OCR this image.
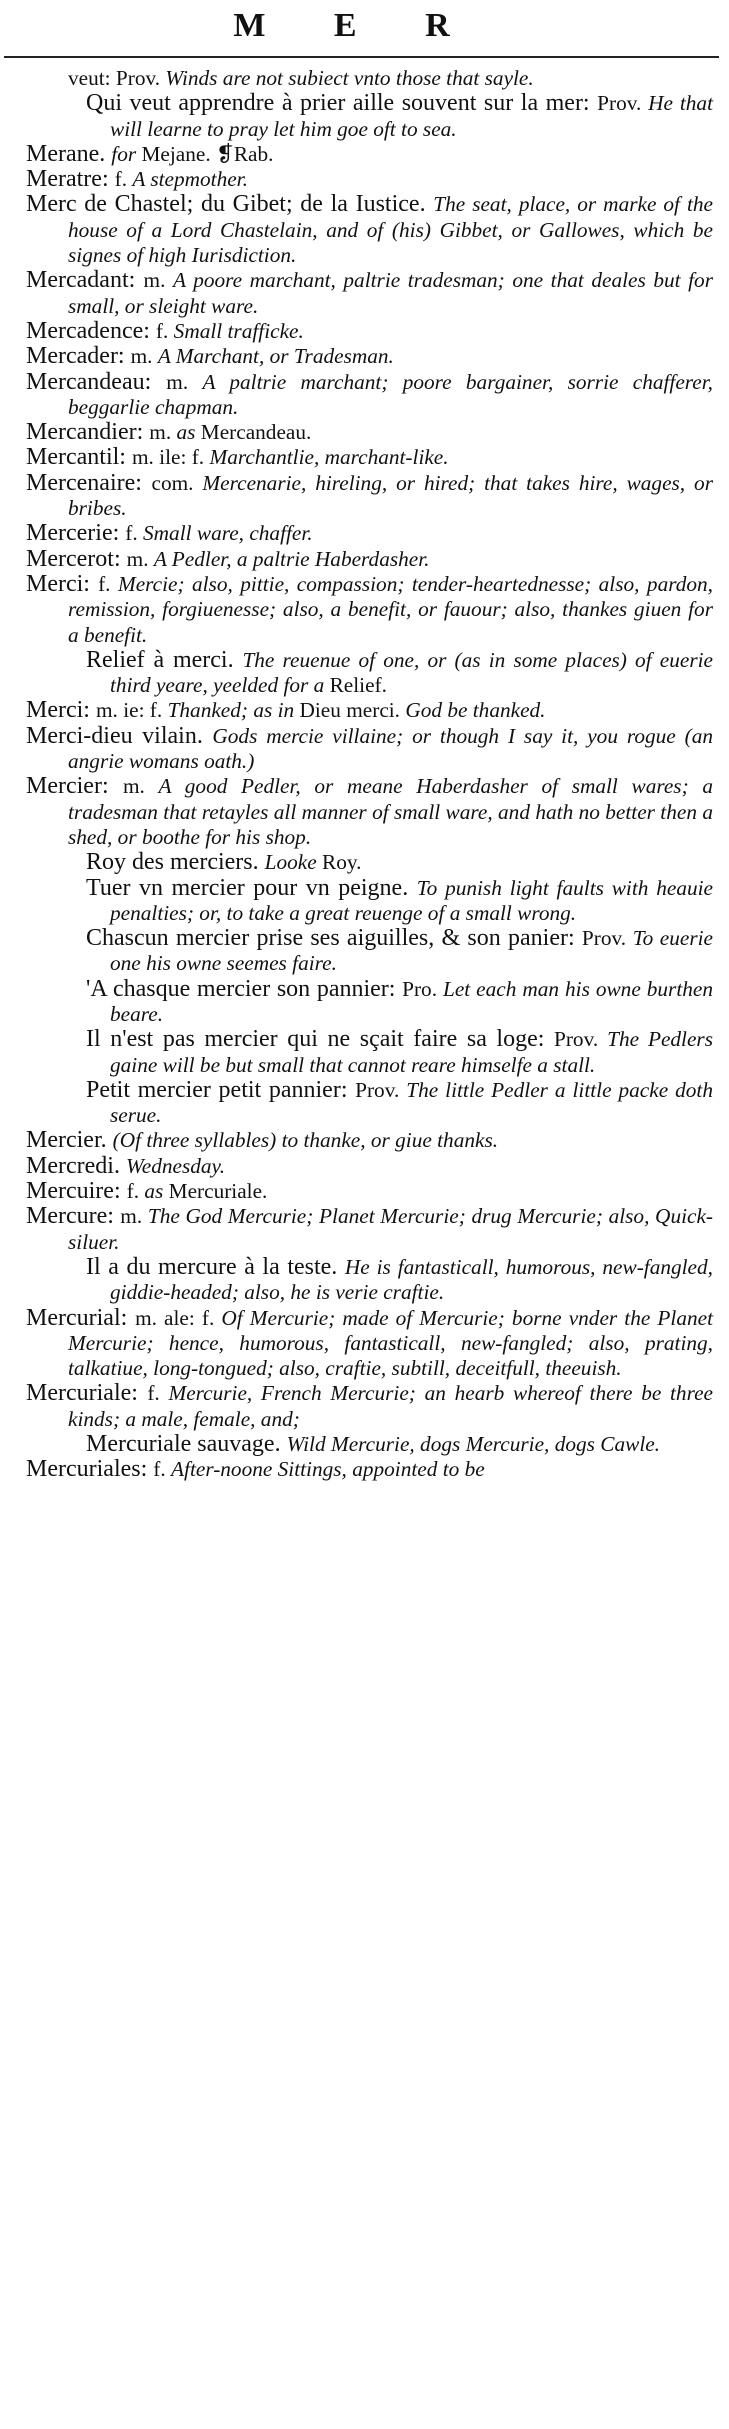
M E R
veut: Prov. Winds are not subiect vnto those that sayle.
Qui veut apprendre à prier aille souvent sur la mer: Prov. He that will learne to pray let him goe oft to sea.
Merane. for Mejane. ❡Rab.
Meratre: f. A stepmother.
Merc de Chastel; du Gibet; de la Iustice. The seat, place, or marke of the house of a Lord Chastelain, and of (his) Gibbet, or Gallowes, which be signes of high Iurisdiction.
Mercadant: m. A poore marchant, paltrie tradesman; one that deales but for small, or sleight ware.
Mercadence: f. Small trafficke.
Mercader: m. A Marchant, or Tradesman.
Mercandeau: m. A paltrie marchant; poore bargainer, sorrie chafferer, beggarlie chapman.
Mercandier: m. as Mercandeau.
Mercantil: m. ile: f. Marchantlie, marchant-like.
Mercenaire: com. Mercenarie, hireling, or hired; that takes hire, wages, or bribes.
Mercerie: f. Small ware, chaffer.
Mercerot: m. A Pedler, a paltrie Haberdasher.
Merci: f. Mercie; also, pittie, compassion; tender-heartednesse; also, pardon, remission, forgiuenesse; also, a benefit, or fauour; also, thankes giuen for a benefit.
Relief à merci. The reuenue of one, or (as in some places) of euerie third yeare, yeelded for a Relief.
Merci: m. ie: f. Thanked; as in Dieu merci. God be thanked.
Merci-dieu vilain. Gods mercie villaine; or though I say it, you rogue (an angrie womans oath.)
Mercier: m. A good Pedler, or meane Haberdasher of small wares; a tradesman that retayles all manner of small ware, and hath no better then a shed, or boothe for his shop.
Roy des merciers. Looke Roy.
Tuer vn mercier pour vn peigne. To punish light faults with heauie penalties; or, to take a great reuenge of a small wrong.
Chascun mercier prise ses aiguilles, & son panier: Prov. To euerie one his owne seemes faire.
'A chasque mercier son pannier: Pro. Let each man his owne burthen beare.
Il n'est pas mercier qui ne sçait faire sa loge: Prov. The Pedlers gaine will be but small that cannot reare himselfe a stall.
Petit mercier petit pannier: Prov. The little Pedler a little packe doth serue.
Mercier. (Of three syllables) to thanke, or giue thanks.
Mercredi. Wednesday.
Mercuire: f. as Mercuriale.
Mercure: m. The God Mercurie; Planet Mercurie; drug Mercurie; also, Quick-siluer.
Il a du mercure à la teste. He is fantasticall, humorous, new-fangled, giddie-headed; also, he is verie craftie.
Mercurial: m. ale: f. Of Mercurie; made of Mercurie; borne vnder the Planet Mercurie; hence, humorous, fantasticall, new-fangled; also, prating, talkatiue, long-tongued; also, craftie, subtill, deceitfull, theeuish.
Mercuriale: f. Mercurie, French Mercurie; an hearb whereof there be three kinds; a male, female, and;
Mercuriale sauvage. Wild Mercurie, dogs Mercurie, dogs Cawle.
Mercuriales: f. After-noone Sittings, appointed to be
